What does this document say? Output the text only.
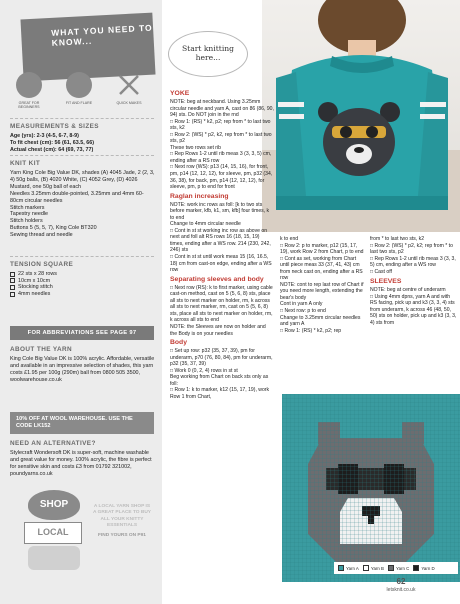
WHAT YOU NEED TO KNOW...
GREAT FOR BEGINNERS
FIT AND FLARE	QUICK MAKES
MEASUREMENTS & SIZES
Age (yrs): 2-3 (4-5, 6-7, 8-9)
To fit chest (cm): 56 (61, 63.5, 66)
Actual chest (cm): 64 (69, 73, 77)
KNIT KIT
Yarn King Cole Big Value DK, shades (A) 4045 Jade, 2 (2, 3, 4) 50g balls, (B) 4020 White, (C) 4052 Grey, (D) 4026 Mustard, one 50g ball of each
Needles 3.25mm double-pointed, 3.25mm and 4mm 60-80cm circular needles
Stitch markers
Tapestry needle
Stitch holders
Buttons 5 (5, 5, 7), King Cole BT320
Sewing thread and needle
TENSION SQUARE
22 sts x 28 rows
10cm x 10cm
Stocking stitch
4mm needles
FOR ABBREVIATIONS SEE PAGE 97
ABOUT THE YARN
King Cole Big Value DK is 100% acrylic. Affordable, versatile and available in an impressive selection of shades, this yarn costs £1.95 per 100g (290m) ball from 0800 505 3500, woolwarehouse.co.uk
10% OFF AT WOOL WAREHOUSE. USE THE CODE LK152
NEED AN ALTERNATIVE?
Stylecraft Wondersoft DK is super-soft, machine washable and great value for money. 100% acrylic, the fibre is perfect for sensitive skin and costs £3 from 01792 321002, poundyarns.co.uk
SHOP
LOCAL
A LOCAL YARN SHOP IS A GREAT PLACE TO BUY ALL YOUR KNITTY ESSENTIALS
FIND YOURS ON P91
Start knitting here...
YOKE
NOTE: beg at neckband. Using 3.25mm circular needle and yarn A, cast on 86 (86, 90, 94) sts. Do NOT join in the rnd
□ Row 1: (RS) * k2, p2; rep from * to last two sts, k2
□ Row 2: (WS) * p2, k2, rep from * to last two sts, p2
These two rows set rib
□ Rep Rows 1-2 until rib meas 3 (3, 3, 5) cm, ending after a RS row
□ Next row (WS): p13 (14, 15, 16), for front, pm, p14 (12, 12, 12), for sleeve, pm, p32 (34, 36, 38), for back, pm, p14 (12, 12, 12), for sleeve, pm, p to end for front
Raglan increasing
NOTE: work inc rows as foll: [k to two sts before marker, kfb, k1, sm, kfb] four times, k to end
Change to 4mm circular needle
□ Cont in st st working inc row as above on next and foll alt RS rows 16 (18, 15, 19) times, ending after a WS row. 214 (230, 242, 246) sts
□ Cont in st st until work meas 15 (16, 16.5, 18) cm from cast-on edge, ending after a WS row
Separating sleeves and body
□ Next row (RS): k to first marker, using cable cast-on method, cast on 5 (5, 6, 8) sts, place all sts to next marker on holder, rm, k across all sts to next marker, rm, cast on 5 (5, 6, 8) sts, place all sts to next marker on holder, rm, k across all sts to end
NOTE: the Sleeves are now on holder and the Body is on your needles
Body
□ Set up row: p32 (35, 37, 39), pm for underarm, p70 (76, 80, 84), pm for underarm, p32 (35, 37, 39)
□ Work 0 (0, 2, 4) rows in st st
Beg working from Chart on back sts only as foll:
□ Row 1: k to marker, k12 (15, 17, 19), work Row 1 from Chart,
k to end
□ Row 2: p to marker, p12 (15, 17, 19), work Row 2 from Chart, p to end
□ Cont as set, working from Chart until piece meas 33 (37, 41, 43) cm from neck cast on, ending after a RS row
NOTE: cont to rep last row of Chart if you need more length, extending the bear's body
Cont in yarn A only
□ Next row: p to end
Change to 3.25mm circular needles and yarn A
□ Row 1: (RS) * k2, p2; rep
from * to last two sts, k2
□ Row 2: (WS) * p2, k2; rep from * to last two sts, p2
□ Rep Rows 1-2 until rib meas 3 (3, 3, 5) cm, ending after a WS row
□ Cast off
SLEEVES
NOTE: beg at centre of underarm
□ Using 4mm dpns, yarn A and with RS facing, pick up and k3 (3, 3, 4) sts from underarm, k across 46 (48, 50, 50) sts on holder, pick up and k3 (3, 3, 4) sts from
Yarn A	Yarn B	Yarn C	Yarn D
62
letsknit.co.uk
